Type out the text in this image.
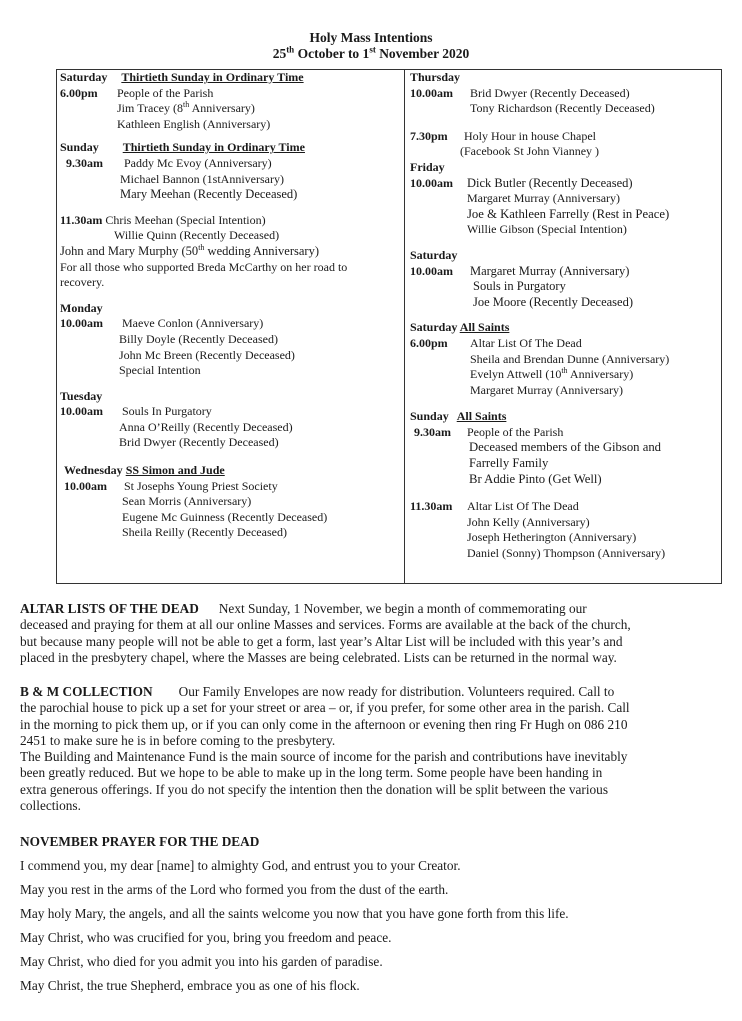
Holy Mass Intentions
25th October to 1st November 2020
Saturday Thirtieth Sunday in Ordinary Time
6.00pm People of the Parish
Jim Tracey (8th Anniversary)
Kathleen English (Anniversary)
Sunday Thirtieth Sunday in Ordinary Time
9.30am Paddy Mc Evoy (Anniversary)
Michael Bannon (1stAnniversary)
Mary Meehan (Recently Deceased)
11.30am Chris Meehan (Special Intention)
Willie Quinn (Recently Deceased)
John and Mary Murphy (50th wedding Anniversary)
For all those who supported Breda McCarthy on her road to
recovery.
Monday
10.00am Maeve Conlon (Anniversary)
Billy Doyle (Recently Deceased)
John Mc Breen (Recently Deceased)
Special Intention
Tuesday
10.00am Souls In Purgatory
Anna O’Reilly (Recently Deceased)
Brid Dwyer (Recently Deceased)
Wednesday SS Simon and Jude
10.00am St Josephs Young Priest Society
Sean Morris (Anniversary)
Eugene Mc Guinness (Recently Deceased)
Sheila Reilly (Recently Deceased)
Thursday
10.00am Brid Dwyer (Recently Deceased)
Tony Richardson (Recently Deceased)
7.30pm Holy Hour in house Chapel
(Facebook St John Vianney )
Friday
10.00am Dick Butler (Recently Deceased)
Margaret Murray (Anniversary)
Joe & Kathleen Farrelly (Rest in Peace)
Willie Gibson (Special Intention)
Saturday
10.00am Margaret Murray (Anniversary)
Souls in Purgatory
Joe Moore (Recently Deceased)
Saturday All Saints
6.00pm Altar List Of The Dead
Sheila and Brendan Dunne (Anniversary)
Evelyn Attwell (10th Anniversary)
Margaret Murray (Anniversary)
Sunday All Saints
9.30am People of the Parish
Deceased members of the Gibson and
Farrelly Family
Br Addie Pinto (Get Well)
11.30am Altar List Of The Dead
John Kelly (Anniversary)
Joseph Hetherington (Anniversary)
Daniel (Sonny) Thompson (Anniversary)
ALTAR LISTS OF THE DEAD Next Sunday, 1 November, we begin a month of commemorating our
deceased and praying for them at all our online Masses and services. Forms are available at the back of the church,
but because many people will not be able to get a form, last year’s Altar List will be included with this year’s and
placed in the presbytery chapel, where the Masses are being celebrated. Lists can be returned in the normal way.
B & M COLLECTION Our Family Envelopes are now ready for distribution. Volunteers required. Call to
the parochial house to pick up a set for your street or area – or, if you prefer, for some other area in the parish. Call
in the morning to pick them up, or if you can only come in the afternoon or evening then ring Fr Hugh on 086 210
2451 to make sure he is in before coming to the presbytery.
The Building and Maintenance Fund is the main source of income for the parish and contributions have inevitably
been greatly reduced. But we hope to be able to make up in the long term. Some people have been handing in
extra generous offerings. If you do not specify the intention then the donation will be split between the various
collections.
NOVEMBER PRAYER FOR THE DEAD
I commend you, my dear [name] to almighty God, and entrust you to your Creator.
May you rest in the arms of the Lord who formed you from the dust of the earth.
May holy Mary, the angels, and all the saints welcome you now that you have gone forth from this life.
May Christ, who was crucified for you, bring you freedom and peace.
May Christ, who died for you admit you into his garden of paradise.
May Christ, the true Shepherd, embrace you as one of his flock.
